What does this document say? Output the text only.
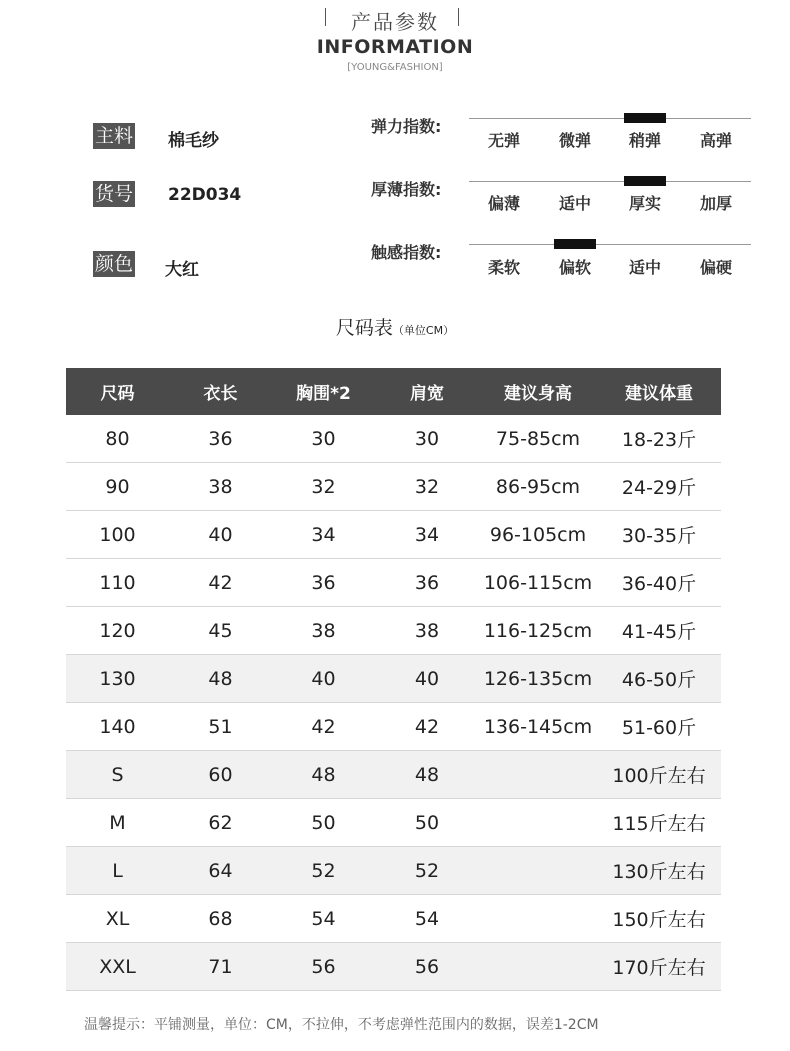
产品参数
INFORMATION
[YOUNG&FASHION]
主料 棉毛纱
货号 22D034
颜色 大红
弹力指数:
无弹	微弹	稍弹	高弹
厚薄指数:
偏薄	适中	厚实	加厚
触感指数:
柔软	偏软	适中	偏硬
尺码表（单位CM）
尺码	衣长	胸围*2	肩宽	建议身高	建议体重
80	36	30	30	75-85cm	18-23斤
90	38	32	32	86-95cm	24-29斤
100	40	34	34	96-105cm	30-35斤
110	42	36	36	106-115cm	36-40斤
120	45	38	38	116-125cm	41-45斤
130	48	40	40	126-135cm	46-50斤
140	51	42	42	136-145cm	51-60斤
S	60	48	48		100斤左右
M	62	50	50		115斤左右
L	64	52	52		130斤左右
XL	68	54	54		150斤左右
XXL	71	56	56		170斤左右
温馨提示：平铺测量，单位：CM，不拉伸，不考虑弹性范围内的数据，误差1-2CM
